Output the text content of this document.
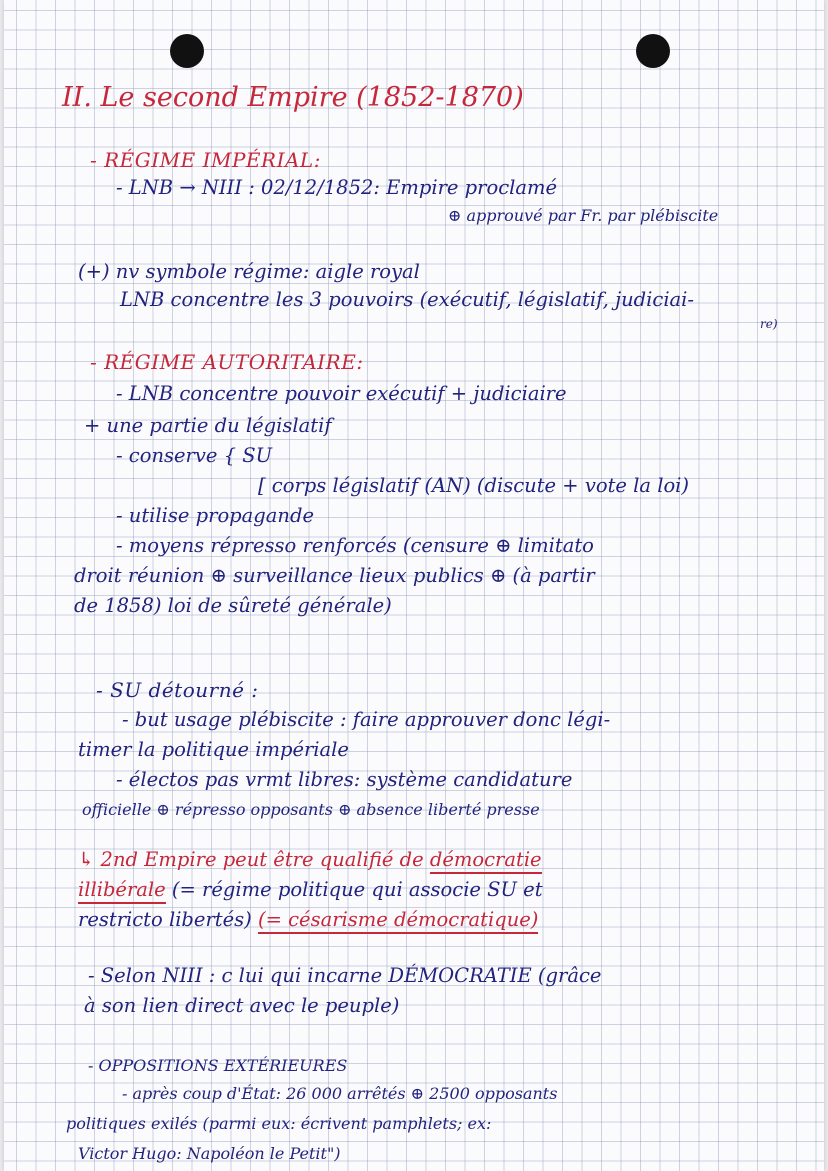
II. Le second Empire (1852-1870)
- RÉGIME IMPÉRIAL:
- LNB → NIII : 02/12/1852: Empire proclamé
⊕ approuvé par Fr. par plébiscite
(+) nv symbole régime: aigle royal
LNB concentre les 3 pouvoirs (exécutif, législatif, judiciai-
re)
- RÉGIME AUTORITAIRE:
- LNB concentre pouvoir exécutif + judiciaire
+ une partie du législatif
- conserve { SU
[ corps législatif (AN) (discute + vote la loi)
- utilise propagande
- moyens répresso renforcés (censure ⊕ limitato
droit réunion ⊕ surveillance lieux publics ⊕ (à partir
de 1858) loi de sûreté générale)
- SU détourné :
- but usage plébiscite : faire approuver donc légi-
timer la politique impériale
- électos pas vrmt libres: système candidature
officielle ⊕ répresso opposants ⊕ absence liberté presse
↳ 2nd Empire peut être qualifié de démocratie
illibérale (= régime politique qui associe SU et
restricto libertés) (= césarisme démocratique)
- Selon NIII : c lui qui incarne DÉMOCRATIE (grâce
à son lien direct avec le peuple)
- OPPOSITIONS EXTÉRIEURES
- après coup d'État: 26 000 arrêtés ⊕ 2500 opposants
politiques exilés (parmi eux: écrivent pamphlets; ex:
Victor Hugo: Napoléon le Petit")
